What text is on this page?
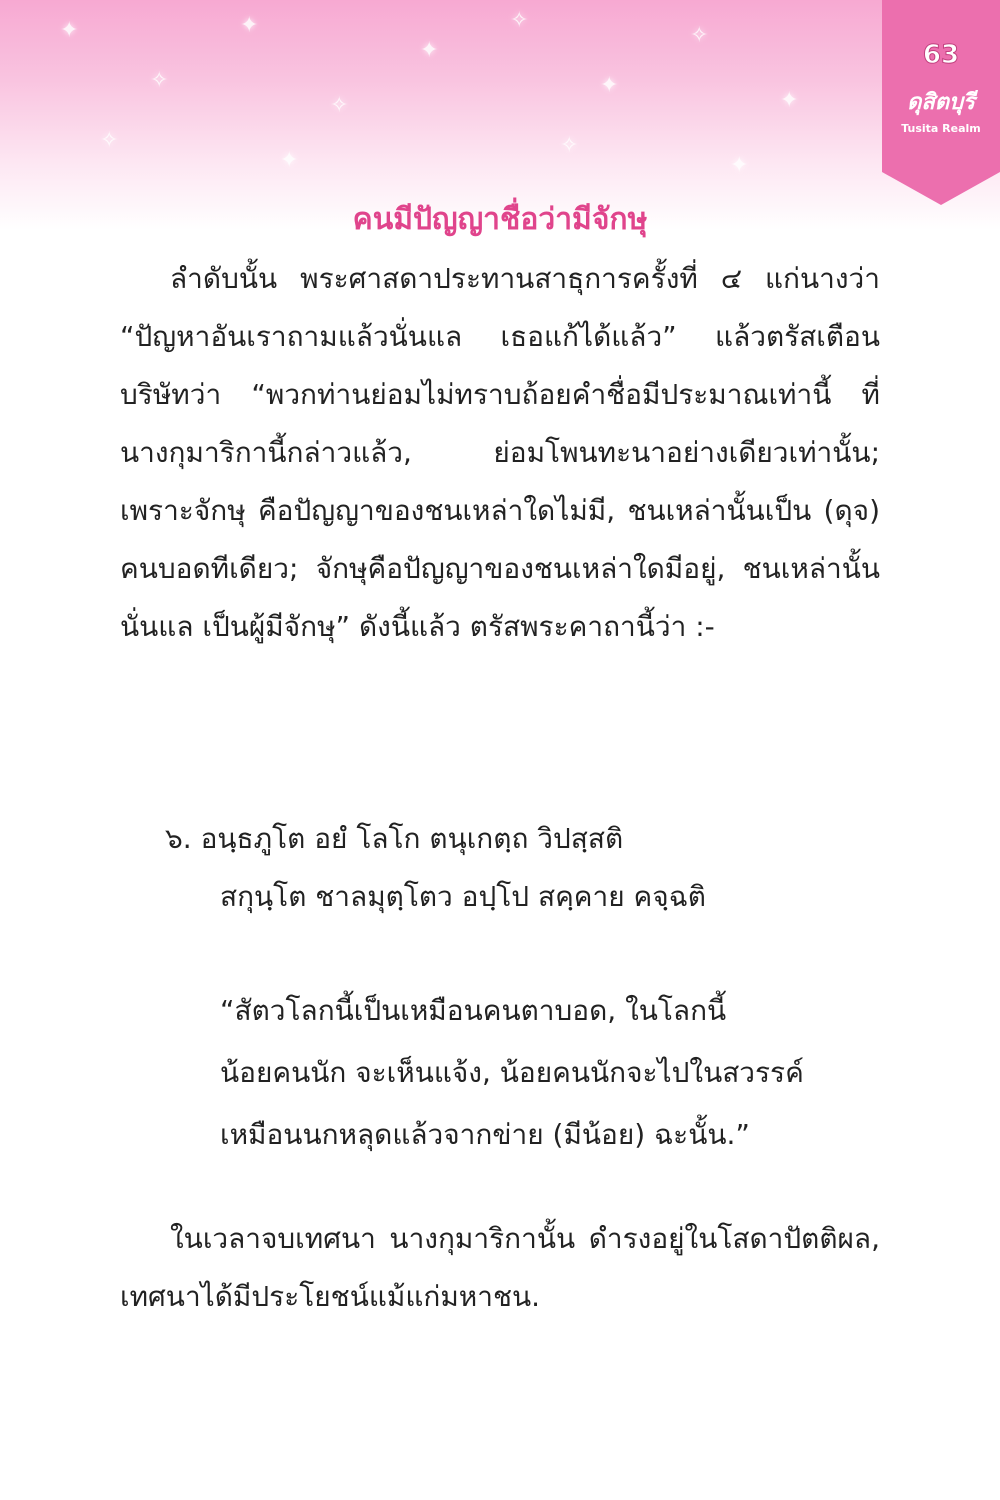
✦
✧
✦
✧
✦
✧
✦
✧
✦
✧
✦
✧
✦
63
ดุสิตบุรี
Tusita Realm
คนมีปัญญาชื่อว่ามีจักษุ

ลำดับนั้น พระศาสดาประทานสาธุการครั้งที่ ๔ แก่นางว่า “ปัญหาอันเราถามแล้วนั่นแล เธอแก้ได้แล้ว” แล้วตรัสเตือนบริษัทว่า “พวกท่านย่อมไม่ทราบถ้อยคำชื่อมีประมาณเท่านี้ ที่นางกุมาริกานี้กล่าวแล้ว, ย่อมโพนทะนาอย่างเดียวเท่านั้น; เพราะจักษุ คือปัญญาของชนเหล่าใดไม่มี, ชนเหล่านั้นเป็น (ดุจ) คนบอดทีเดียว; จักษุคือปัญญาของชนเหล่าใดมีอยู่, ชนเหล่านั้นนั่นแล เป็นผู้มีจักษุ” ดังนี้แล้ว ตรัสพระคาถานี้ว่า :-

๖. อนฺธภูโต อยํ โลโก ตนุเกตฺถ วิปสฺสติ
สกุนฺโต ชาลมุตฺโตว อปฺโป สคฺคาย คจฺฉติ
“สัตวโลกนี้เป็นเหมือนคนตาบอด, ในโลกนี้
น้อยคนนัก จะเห็นแจ้ง, น้อยคนนักจะไปในสวรรค์
เหมือนนกหลุดแล้วจากข่าย (มีน้อย) ฉะนั้น.”

ในเวลาจบเทศนา นางกุมาริกานั้น ดำรงอยู่ในโสดาปัตติผล, เทศนาได้มีประโยชน์แม้แก่มหาชน.
